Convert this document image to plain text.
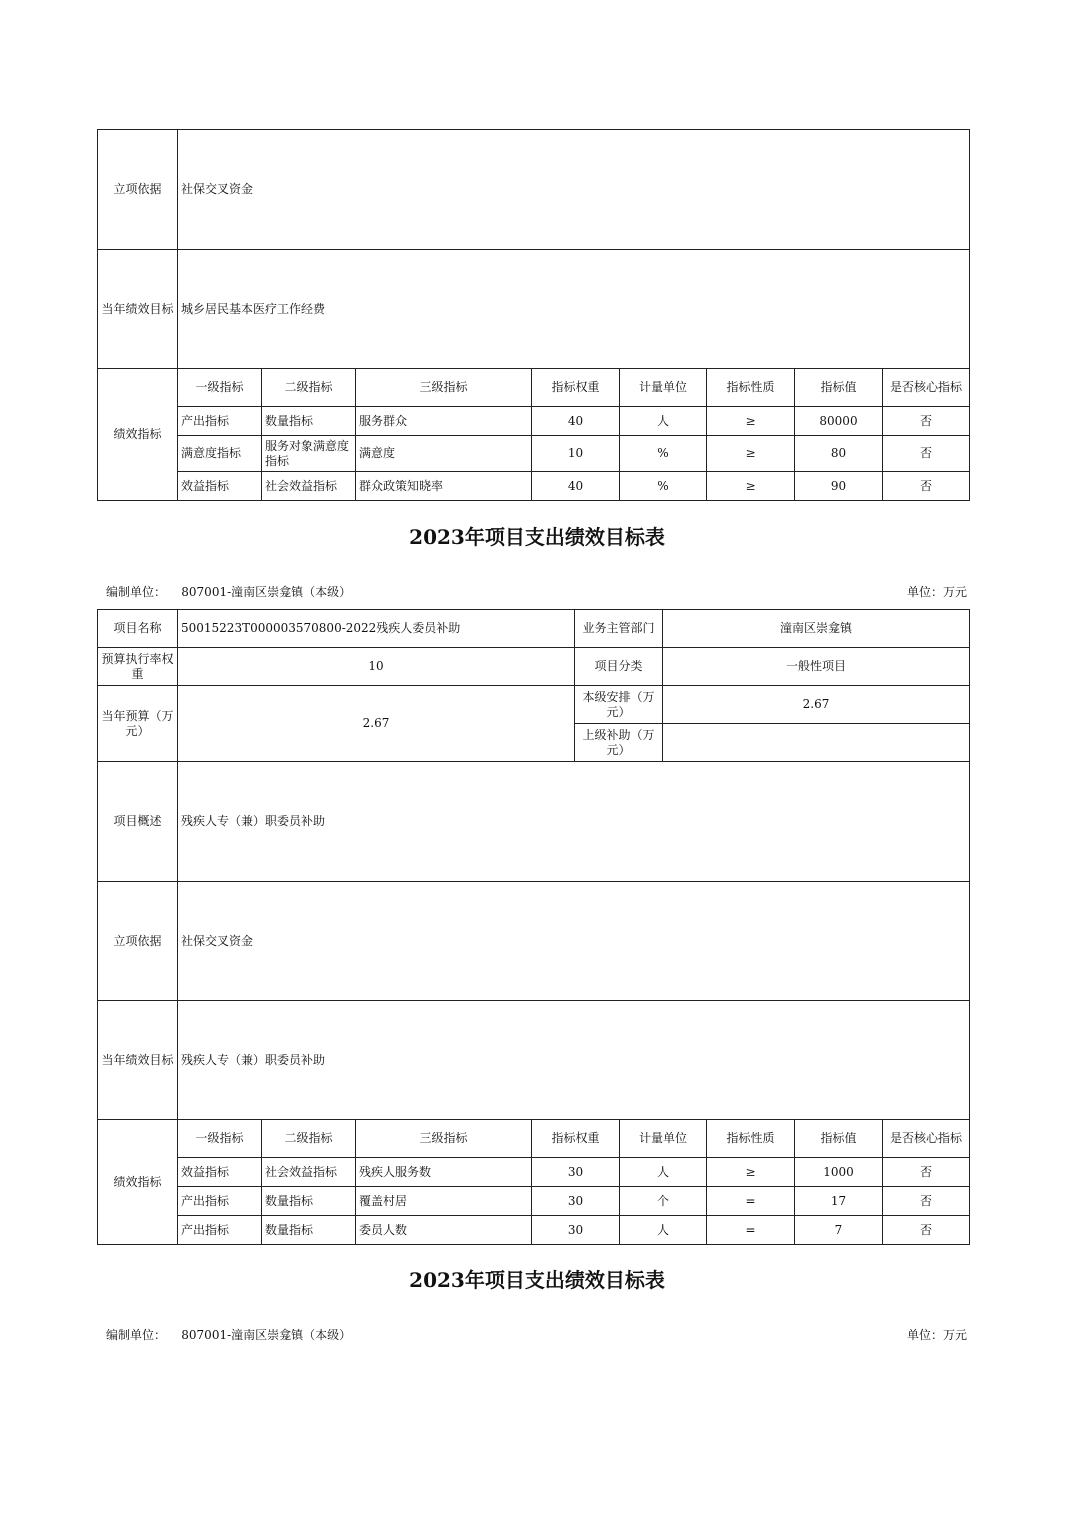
立项依据	社保交叉资金							
当年绩效目标	城乡居民基本医疗工作经费							
绩效指标	一级指标	二级指标	三级指标	指标权重	计量单位	指标性质	指标值	是否核心指标
	产出指标	数量指标	服务群众	40	人	≥	80000	否
	满意度指标	服务对象满意度指标	满意度	10	%	≥	80	否
	效益指标	社会效益指标	群众政策知晓率	40	%	≥	90	否
2023年项目支出绩效目标表
编制单位： 807001-潼南区崇龛镇（本级）	单位：万元
项目名称	50015223T000003570800-2022残疾人委员补助	业务主管部门	潼南区崇龛镇
预算执行率权重	10	项目分类	一般性项目
当年预算（万元）	2.67	本级安排（万元）	2.67
		上级补助（万元）	
项目概述	残疾人专（兼）职委员补助							
立项依据	社保交叉资金							
当年绩效目标	残疾人专（兼）职委员补助							
绩效指标	一级指标	二级指标	三级指标	指标权重	计量单位	指标性质	指标值	是否核心指标
	效益指标	社会效益指标	残疾人服务数	30	人	≥	1000	否
	产出指标	数量指标	覆盖村居	30	个	=	17	否
	产出指标	数量指标	委员人数	30	人	=	7	否
2023年项目支出绩效目标表
编制单位： 807001-潼南区崇龛镇（本级）	单位：万元
